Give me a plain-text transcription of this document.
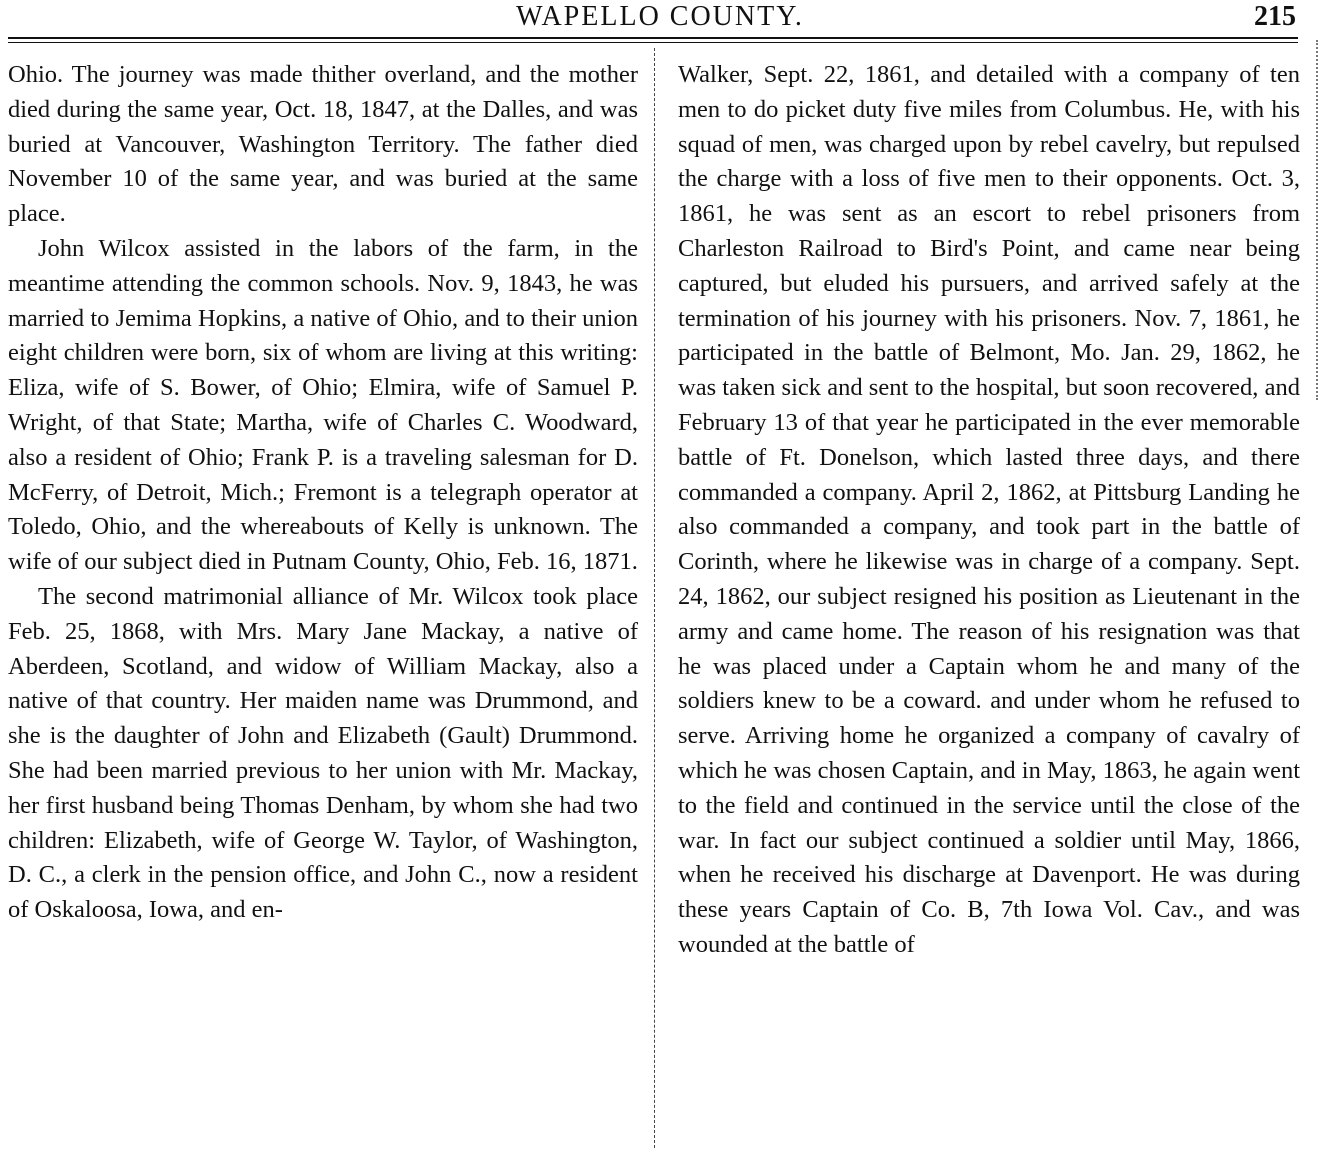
WAPELLO COUNTY.	215

Ohio. The journey was made thither overland, and the mother died during the same year, Oct. 18, 1847, at the Dalles, and was buried at Vancouver, Washington Territory. The father died November 10 of the same year, and was buried at the same place.

John Wilcox assisted in the labors of the farm, in the meantime attending the common schools. Nov. 9, 1843, he was married to Jemima Hopkins, a native of Ohio, and to their union eight children were born, six of whom are living at this writing: Eliza, wife of S. Bower, of Ohio; Elmira, wife of Samuel P. Wright, of that State; Martha, wife of Charles C. Woodward, also a resident of Ohio; Frank P. is a traveling salesman for D. McFerry, of Detroit, Mich.; Fremont is a telegraph operator at Toledo, Ohio, and the whereabouts of Kelly is unknown. The wife of our subject died in Putnam County, Ohio, Feb. 16, 1871.

The second matrimonial alliance of Mr. Wilcox took place Feb. 25, 1868, with Mrs. Mary Jane Mackay, a native of Aberdeen, Scotland, and widow of William Mackay, also a native of that country. Her maiden name was Drummond, and she is the daughter of John and Elizabeth (Gault) Drummond. She had been married previous to her union with Mr. Mackay, her first husband being Thomas Denham, by whom she had two children: Elizabeth, wife of George W. Taylor, of Washington, D. C., a clerk in the pension office, and John C., now a resident of Oskaloosa, Iowa, and en-

Walker, Sept. 22, 1861, and detailed with a company of ten men to do picket duty five miles from Columbus. He, with his squad of men, was charged upon by rebel cavelry, but repulsed the charge with a loss of five men to their opponents. Oct. 3, 1861, he was sent as an escort to rebel prisoners from Charleston Railroad to Bird's Point, and came near being captured, but eluded his pursuers, and arrived safely at the termination of his journey with his prisoners. Nov. 7, 1861, he participated in the battle of Belmont, Mo. Jan. 29, 1862, he was taken sick and sent to the hospital, but soon recovered, and February 13 of that year he participated in the ever memorable battle of Ft. Donelson, which lasted three days, and there commanded a company. April 2, 1862, at Pittsburg Landing he also commanded a company, and took part in the battle of Corinth, where he likewise was in charge of a company. Sept. 24, 1862, our subject resigned his position as Lieutenant in the army and came home. The reason of his resignation was that he was placed under a Captain whom he and many of the soldiers knew to be a coward. and under whom he refused to serve. Arriving home he organized a company of cavalry of which he was chosen Captain, and in May, 1863, he again went to the field and continued in the service until the close of the war. In fact our subject continued a soldier until May, 1866, when he received his discharge at Davenport. He was during these years Captain of Co. B, 7th Iowa Vol. Cav., and was wounded at the battle of
